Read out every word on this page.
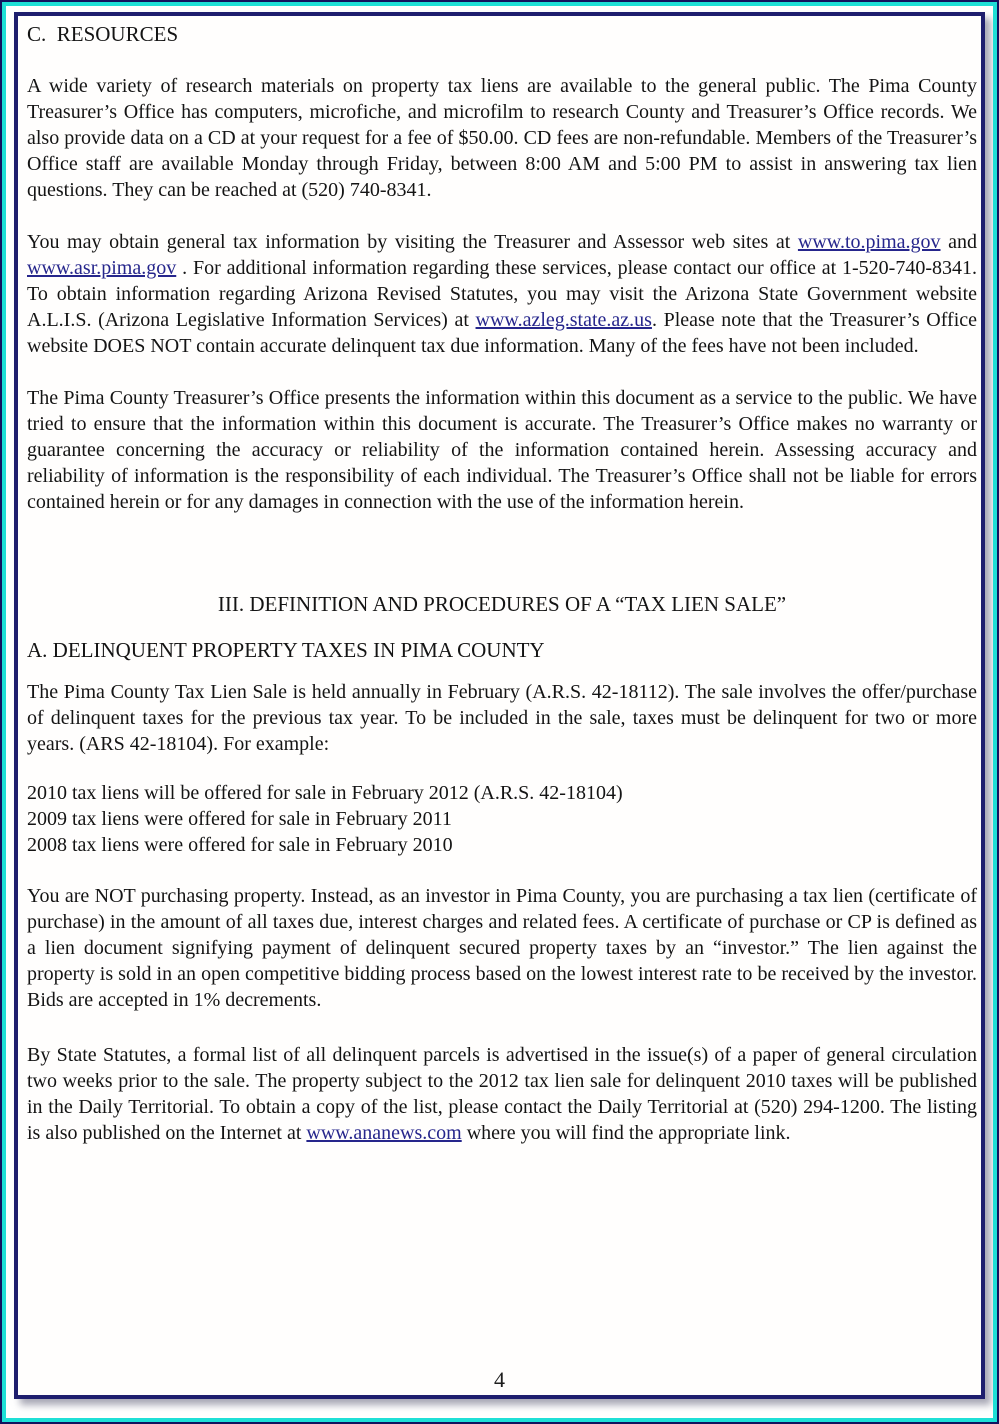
C.  RESOURCES

A wide variety of research materials on property tax liens are available to the general public. The Pima County Treasurer’s Office has computers, microfiche, and microfilm to research County and Treasurer’s Office records. We also provide data on a CD at your request for a fee of $50.00. CD fees are non-refundable. Members of the Treasurer’s Office staff are available Monday through Friday, between 8:00 AM and 5:00 PM to assist in answering tax lien questions. They can be reached at (520) 740-8341.

You may obtain general tax information by visiting the Treasurer and Assessor web sites at www.to.pima.gov and www.asr.pima.gov . For additional information regarding these services, please contact our office at 1-520-740-8341. To obtain information regarding Arizona Revised Statutes, you may visit the Arizona State Government website A.L.I.S. (Arizona Legislative Information Services) at www.azleg.state.az.us. Please note that the Treasurer’s Office website DOES NOT contain accurate delinquent tax due information. Many of the fees have not been included.

The Pima County Treasurer’s Office presents the information within this document as a service to the public. We have tried to ensure that the information within this document is accurate. The Treasurer’s Office makes no warranty or guarantee concerning the accuracy or reliability of the information contained herein. Assessing accuracy and reliability of information is the responsibility of each individual. The Treasurer’s Office shall not be liable for errors contained herein or for any damages in connection with the use of the information herein.

III. DEFINITION AND PROCEDURES OF A “TAX LIEN SALE”
A. DELINQUENT PROPERTY TAXES IN PIMA COUNTY

The Pima County Tax Lien Sale is held annually in February (A.R.S. 42-18112). The sale involves the offer/purchase of delinquent taxes for the previous tax year. To be included in the sale, taxes must be delinquent for two or more years. (ARS 42-18104). For example:

2010 tax liens will be offered for sale in February 2012 (A.R.S. 42-18104)
2009 tax liens were offered for sale in February 2011
2008 tax liens were offered for sale in February 2010

You are NOT purchasing property. Instead, as an investor in Pima County, you are purchasing a tax lien (certificate of purchase) in the amount of all taxes due, interest charges and related fees. A certificate of purchase or CP is defined as a lien document signifying payment of delinquent secured property taxes by an “investor.” The lien against the property is sold in an open competitive bidding process based on the lowest interest rate to be received by the investor. Bids are accepted in 1% decrements.

By State Statutes, a formal list of all delinquent parcels is advertised in the issue(s) of a paper of general circulation two weeks prior to the sale. The property subject to the 2012 tax lien sale for delinquent 2010 taxes will be published in the Daily Territorial. To obtain a copy of the list, please contact the Daily Territorial at (520) 294-1200. The listing is also published on the Internet at www.ananews.com where you will find the appropriate link.

4
